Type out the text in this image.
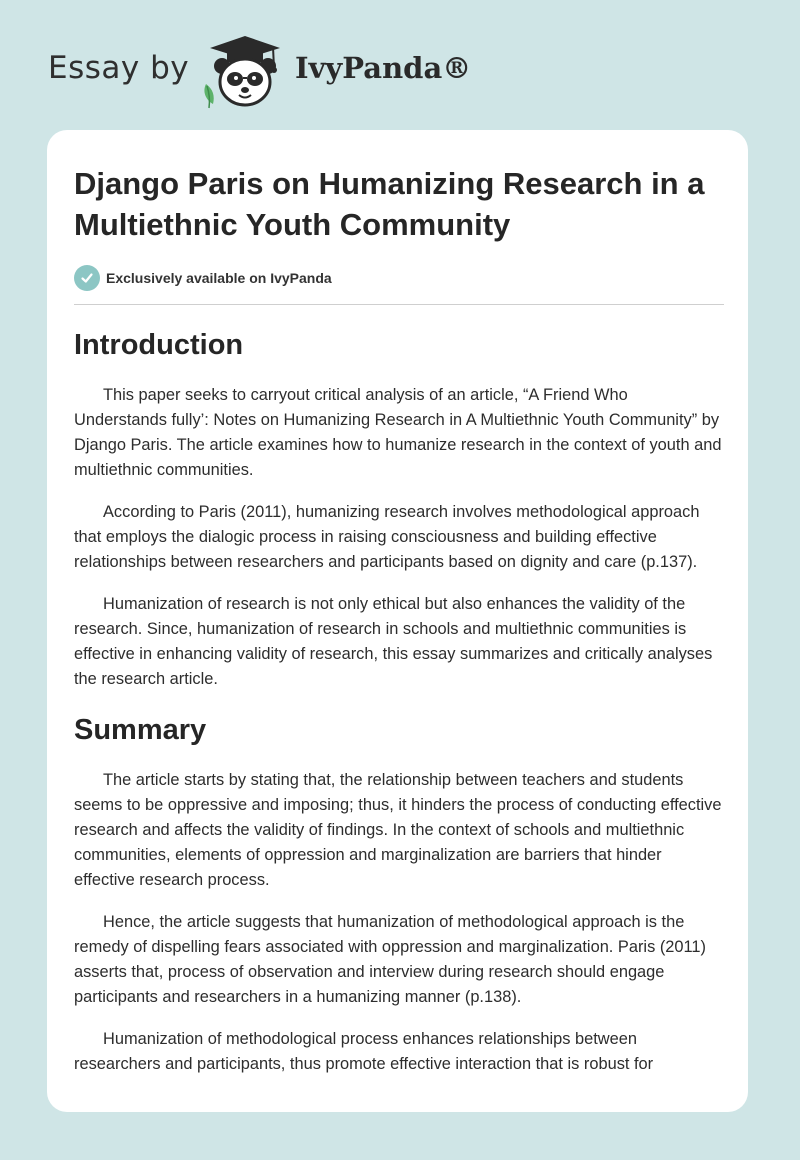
Essay by	IvyPanda®
Django Paris on Humanizing Research in a Multiethnic Youth Community
Exclusively available on IvyPanda
Introduction

This paper seeks to carryout critical analysis of an article, “A Friend Who Understands fully’: Notes on Humanizing Research in A Multiethnic Youth Community” by Django Paris. The article examines how to humanize research in the context of youth and multiethnic communities.

According to Paris (2011), humanizing research involves methodological approach that employs the dialogic process in raising consciousness and building effective relationships between researchers and participants based on dignity and care (p.137).

Humanization of research is not only ethical but also enhances the validity of the research. Since, humanization of research in schools and multiethnic communities is effective in enhancing validity of research, this essay summarizes and critically analyses the research article.

Summary

The article starts by stating that, the relationship between teachers and students seems to be oppressive and imposing; thus, it hinders the process of conducting effective research and affects the validity of findings. In the context of schools and multiethnic communities, elements of oppression and marginalization are barriers that hinder effective research process.

Hence, the article suggests that humanization of methodological approach is the remedy of dispelling fears associated with oppression and marginalization. Paris (2011) asserts that, process of observation and interview during research should engage participants and researchers in a humanizing manner (p.138).

Humanization of methodological process enhances relationships between researchers and participants, thus promote effective interaction that is robust for
